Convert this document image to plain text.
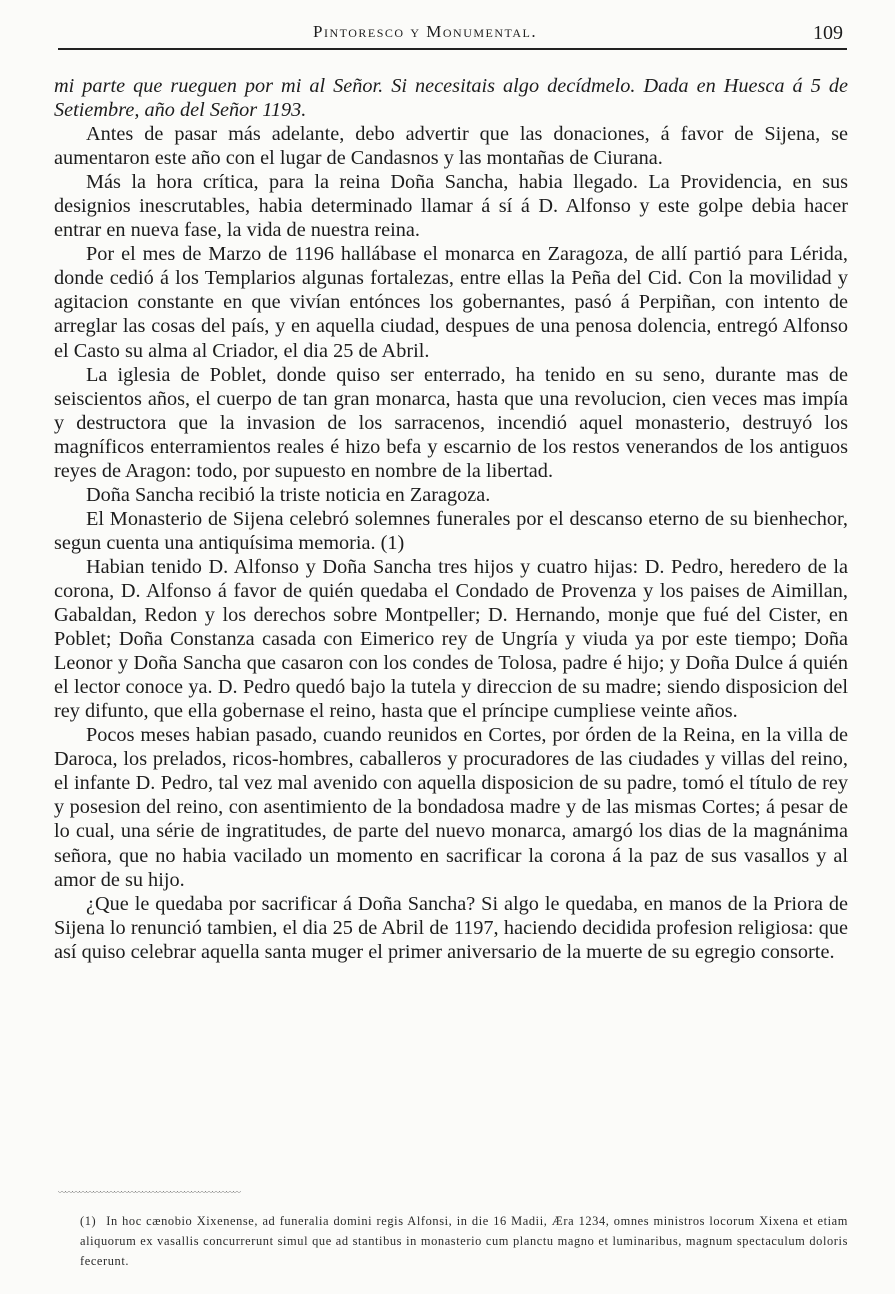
Pintoresco y Monumental.	109

mi parte que rueguen por mi al Señor. Si necesitais algo decídmelo. Dada en Huesca á 5 de Setiembre, año del Señor 1193.

Antes de pasar más adelante, debo advertir que las donaciones, á favor de Sijena, se aumentaron este año con el lugar de Candasnos y las montañas de Ciurana.

Más la hora crítica, para la reina Doña Sancha, habia llegado. La Providencia, en sus designios inescrutables, habia determinado llamar á sí á D. Alfonso y este golpe debia hacer entrar en nueva fase, la vida de nuestra reina.

Por el mes de Marzo de 1196 hallábase el monarca en Zaragoza, de allí partió para Lérida, donde cedió á los Templarios algunas fortalezas, entre ellas la Peña del Cid. Con la movilidad y agitacion constante en que vivían entónces los gobernantes, pasó á Perpiñan, con intento de arreglar las cosas del país, y en aquella ciudad, despues de una penosa dolencia, entregó Alfonso el Casto su alma al Criador, el dia 25 de Abril.

La iglesia de Poblet, donde quiso ser enterrado, ha tenido en su seno, durante mas de seiscientos años, el cuerpo de tan gran monarca, hasta que una revolucion, cien veces mas impía y destructora que la invasion de los sarracenos, incendió aquel monasterio, destruyó los magníficos enterramientos reales é hizo befa y escarnio de los restos venerandos de los antiguos reyes de Aragon: todo, por supuesto en nombre de la libertad.

Doña Sancha recibió la triste noticia en Zaragoza.

El Monasterio de Sijena celebró solemnes funerales por el descanso eterno de su bienhechor, segun cuenta una antiquísima memoria. (1)

Habian tenido D. Alfonso y Doña Sancha tres hijos y cuatro hijas: D. Pedro, heredero de la corona, D. Alfonso á favor de quién quedaba el Condado de Provenza y los paises de Aimillan, Gabaldan, Redon y los derechos sobre Montpeller; D. Hernando, monje que fué del Cister, en Poblet; Doña Constanza casada con Eimerico rey de Ungría y viuda ya por este tiempo; Doña Leonor y Doña Sancha que casaron con los condes de Tolosa, padre é hijo; y Doña Dulce á quién el lector conoce ya. D. Pedro quedó bajo la tutela y direccion de su madre; siendo disposicion del rey difunto, que ella gobernase el reino, hasta que el príncipe cumpliese veinte años.

Pocos meses habian pasado, cuando reunidos en Cortes, por órden de la Reina, en la villa de Daroca, los prelados, ricos-hombres, caballeros y procuradores de las ciudades y villas del reino, el infante D. Pedro, tal vez mal avenido con aquella disposicion de su padre, tomó el título de rey y posesion del reino, con asentimiento de la bondadosa madre y de las mismas Cortes; á pesar de lo cual, una série de ingratitudes, de parte del nuevo monarca, amargó los dias de la magnánima señora, que no habia vacilado un momento en sacrificar la corona á la paz de sus vasallos y al amor de su hijo.

¿Que le quedaba por sacrificar á Doña Sancha? Si algo le quedaba, en manos de la Priora de Sijena lo renunció tambien, el dia 25 de Abril de 1197, haciendo decidida profesion religiosa: que así quiso celebrar aquella santa muger el primer aniversario de la muerte de su egregio consorte.

〰〰〰〰〰〰〰〰〰〰〰〰〰〰〰〰〰〰〰〰〰〰〰〰〰〰
(1) In hoc cænobio Xixenense, ad funeralia domini regis Alfonsi, in die 16 Madii, Æra 1234, omnes ministros locorum Xixena et etiam aliquorum ex vasallis concurrerunt simul que ad stantibus in monasterio cum planctu magno et luminaribus, magnum spectaculum doloris fecerunt.
